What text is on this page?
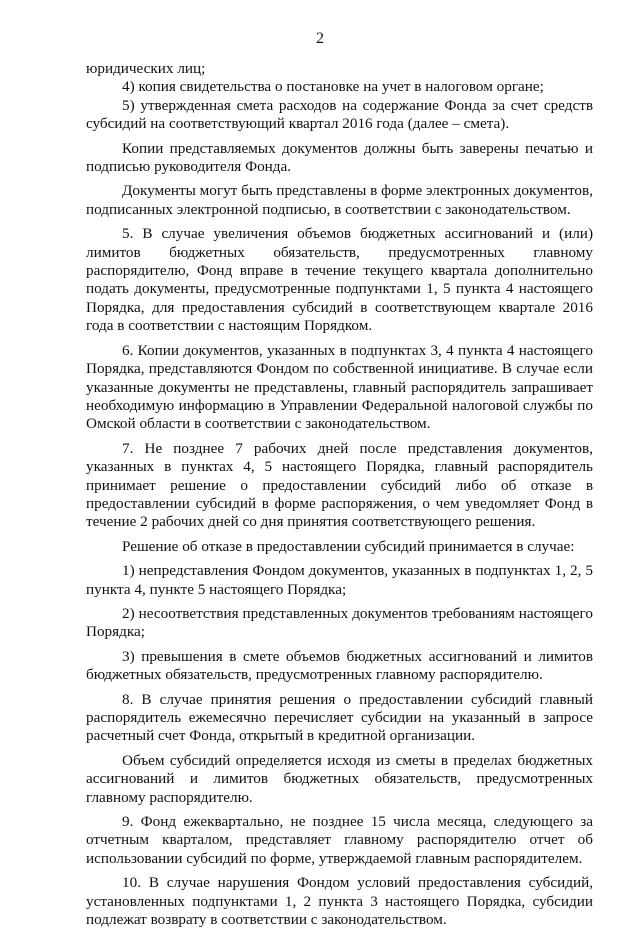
2

юридических лиц;

4) копия свидетельства о постановке на учет в налоговом органе;

5) утвержденная смета расходов на содержание Фонда за счет средств субсидий на соответствующий квартал 2016 года (далее – смета).

Копии представляемых документов должны быть заверены печатью и подписью руководителя Фонда.

Документы могут быть представлены в форме электронных документов, подписанных электронной подписью, в соответствии с законодательством.

5. В случае увеличения объемов бюджетных ассигнований и (или) лимитов бюджетных обязательств, предусмотренных главному распорядителю, Фонд вправе в течение текущего квартала дополнительно подать документы, предусмотренные подпунктами 1, 5 пункта 4 настоящего Порядка, для предоставления субсидий в соответствующем квартале 2016 года в соответствии с настоящим Порядком.

6. Копии документов, указанных в подпунктах 3, 4 пункта 4 настоящего Порядка, представляются Фондом по собственной инициативе. В случае если указанные документы не представлены, главный распорядитель запрашивает необходимую информацию в Управлении Федеральной налоговой службы по Омской области в соответствии с законодательством.

7. Не позднее 7 рабочих дней после представления документов, указанных в пунктах 4, 5 настоящего Порядка, главный распорядитель принимает решение о предоставлении субсидий либо об отказе в предоставлении субсидий в форме распоряжения, о чем уведомляет Фонд в течение 2 рабочих дней со дня принятия соответствующего решения.

Решение об отказе в предоставлении субсидий принимается в случае:

1) непредставления Фондом документов, указанных в подпунктах 1, 2, 5 пункта 4, пункте 5 настоящего Порядка;

2) несоответствия представленных документов требованиям настоящего Порядка;

3) превышения в смете объемов бюджетных ассигнований и лимитов бюджетных обязательств, предусмотренных главному распорядителю.

8. В случае принятия решения о предоставлении субсидий главный распорядитель ежемесячно перечисляет субсидии на указанный в запросе расчетный счет Фонда, открытый в кредитной организации.

Объем субсидий определяется исходя из сметы в пределах бюджетных ассигнований и лимитов бюджетных обязательств, предусмотренных главному распорядителю.

9. Фонд ежеквартально, не позднее 15 числа месяца, следующего за отчетным кварталом, представляет главному распорядителю отчет об использовании субсидий по форме, утверждаемой главным распорядителем.

10. В случае нарушения Фондом условий предоставления субсидий, установленных подпунктами 1, 2 пункта 3 настоящего Порядка, субсидии подлежат возврату в соответствии с законодательством.
